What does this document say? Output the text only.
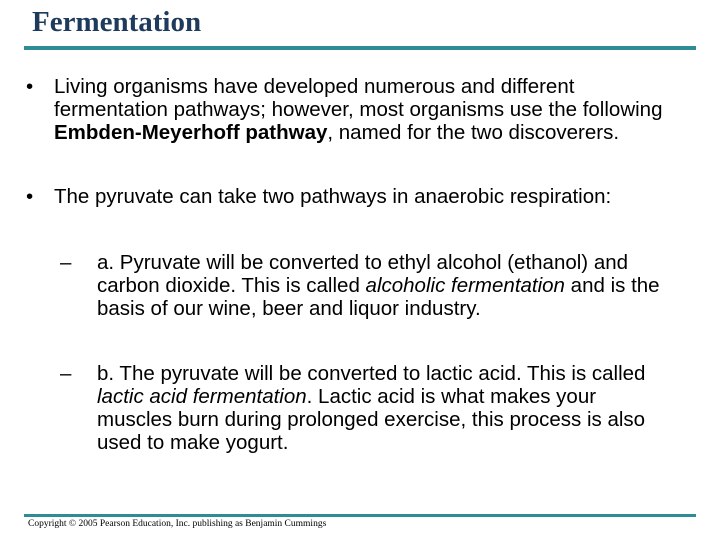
Fermentation
• Living organisms have developed numerous and different fermentation pathways; however, most organisms use the following Embden-Meyerhoff pathway, named for the two discoverers.
• The pyruvate can take two pathways in anaerobic respiration:
– a. Pyruvate will be converted to ethyl alcohol (ethanol) and carbon dioxide. This is called alcoholic fermentation and is the basis of our wine, beer and liquor industry.
– b. The pyruvate will be converted to lactic acid. This is called lactic acid fermentation. Lactic acid is what makes your muscles burn during prolonged exercise, this process is also used to make yogurt.
Copyright © 2005 Pearson Education, Inc. publishing as Benjamin Cummings
